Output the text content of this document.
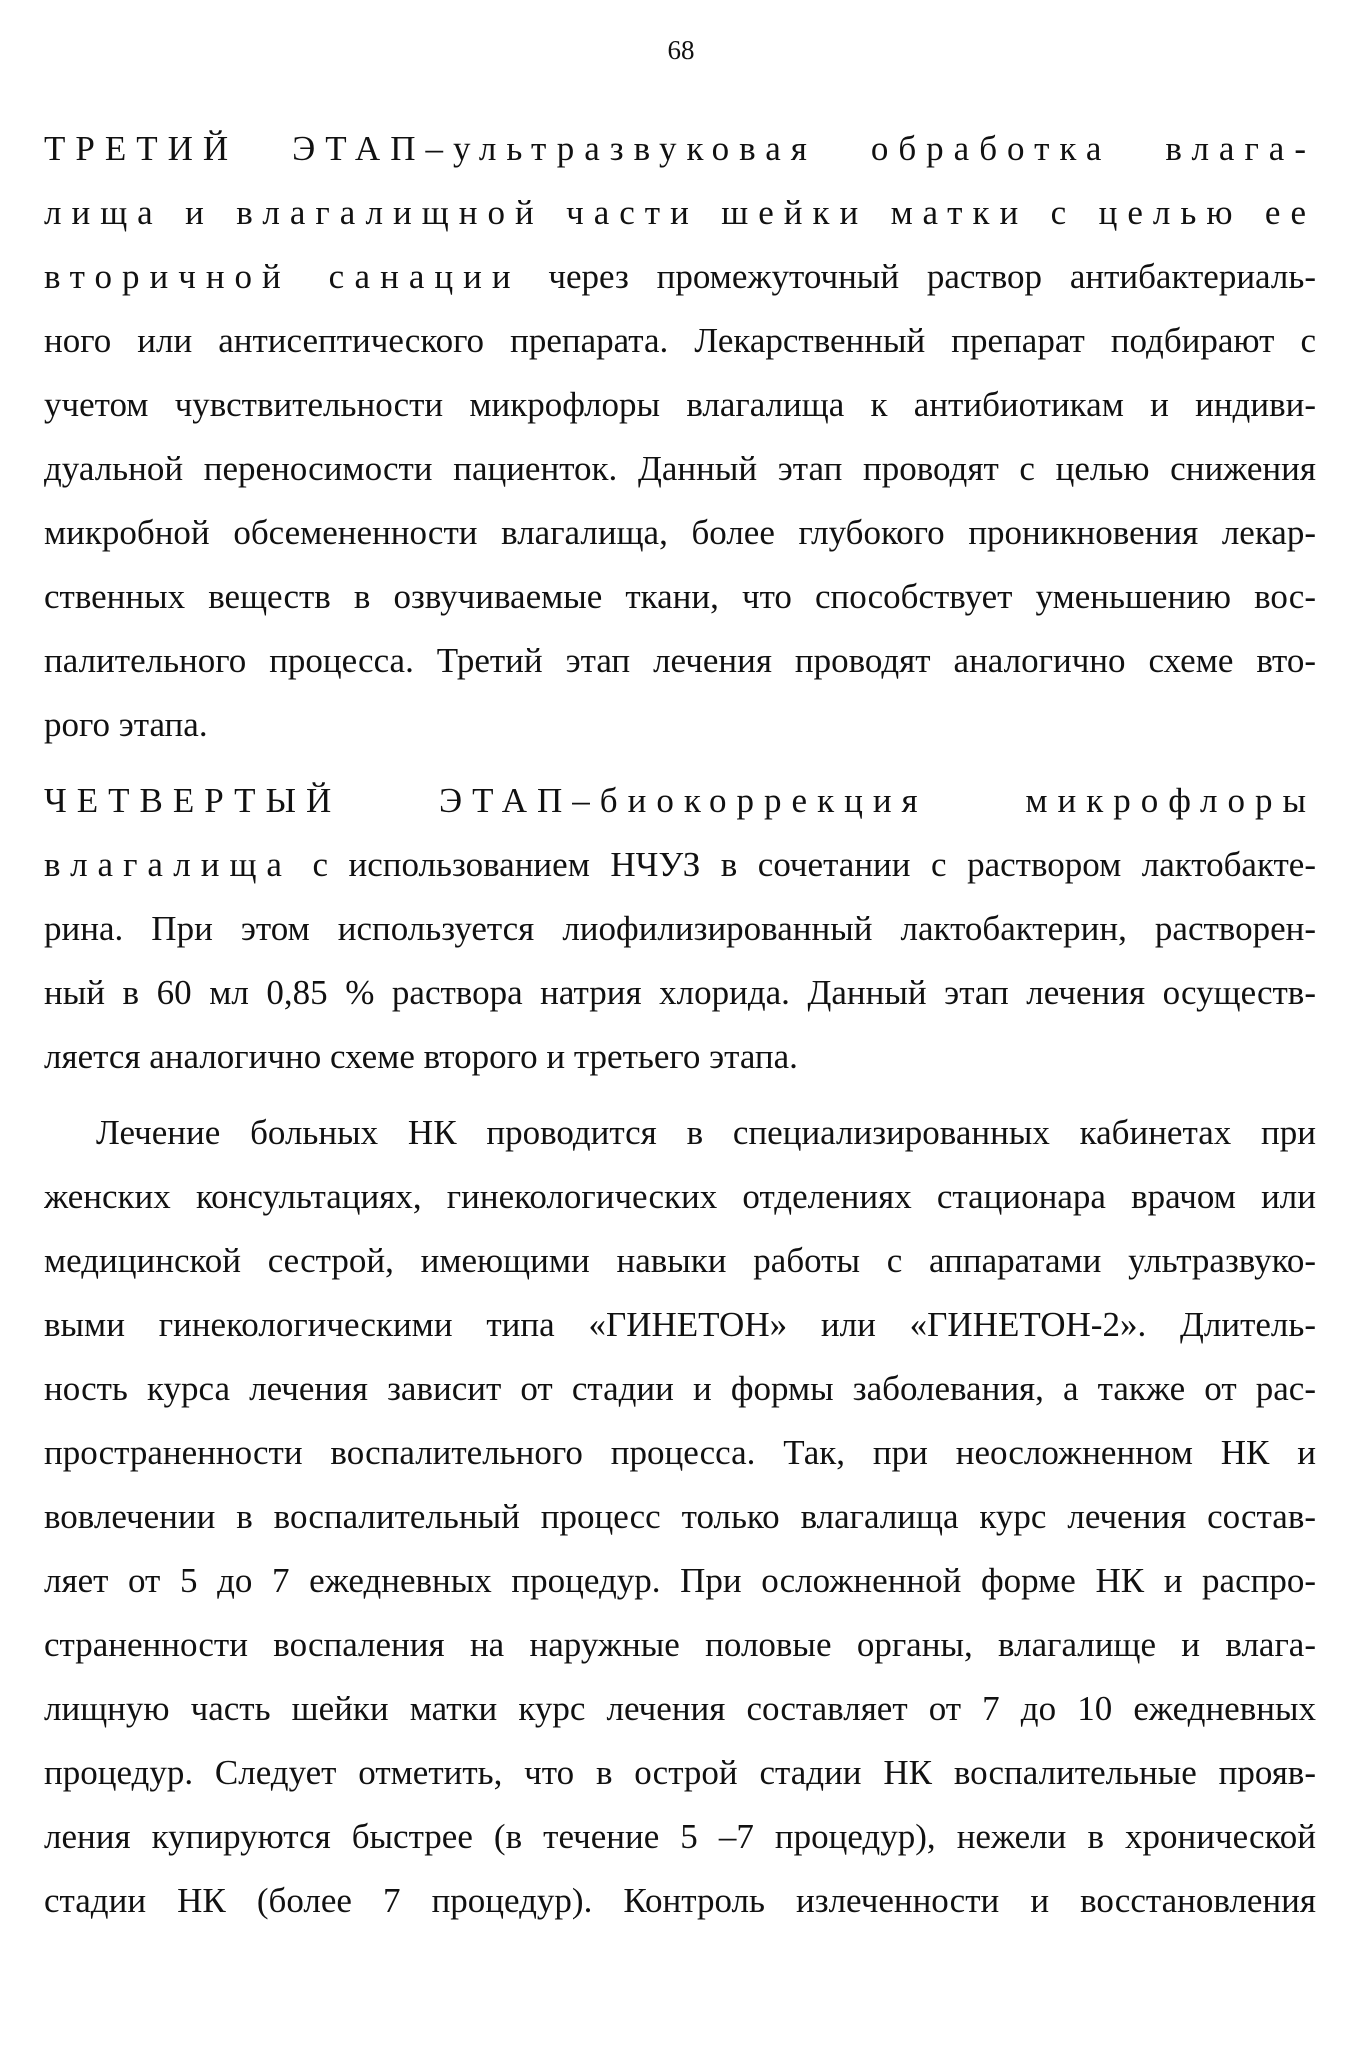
68
ТРЕТИЙ ЭТАП–ультразвуковая обработка влага-
лища и влагалищной части шейки матки с целью ее
вторичной санации через промежуточный раствор антибактериаль-
ного или антисептического препарата. Лекарственный препарат подбирают с
учетом чувствительности микрофлоры влагалища к антибиотикам и индиви-
дуальной переносимости пациенток. Данный этап проводят с целью снижения
микробной обсемененности влагалища, более глубокого проникновения лекар-
ственных веществ в озвучиваемые ткани, что способствует уменьшению вос-
палительного процесса. Третий этап лечения проводят аналогично схеме вто-
рого этапа.
ЧЕТВЕРТЫЙ ЭТАП–биокоррекция микрофлоры
влагалища с использованием НЧУЗ в сочетании с раствором лактобакте-
рина. При этом используется лиофилизированный лактобактерин, растворен-
ный в 60 мл 0,85 % раствора натрия хлорида. Данный этап лечения осуществ-
ляется аналогично схеме второго и третьего этапа.
Лечение больных НК проводится в специализированных кабинетах при
женских консультациях, гинекологических отделениях стационара врачом или
медицинской сестрой, имеющими навыки работы с аппаратами ультразвуко-
выми гинекологическими типа «ГИНЕТОН» или «ГИНЕТОН-2». Длитель-
ность курса лечения зависит от стадии и формы заболевания, а также от рас-
пространенности воспалительного процесса. Так, при неосложненном НК и
вовлечении в воспалительный процесс только влагалища курс лечения состав-
ляет от 5 до 7 ежедневных процедур. При осложненной форме НК и распро-
страненности воспаления на наружные половые органы, влагалище и влага-
лищную часть шейки матки курс лечения составляет от 7 до 10 ежедневных
процедур. Следует отметить, что в острой стадии НК воспалительные прояв-
ления купируются быстрее (в течение 5 –7 процедур), нежели в хронической
стадии НК (более 7 процедур). Контроль излеченности и восстановления
